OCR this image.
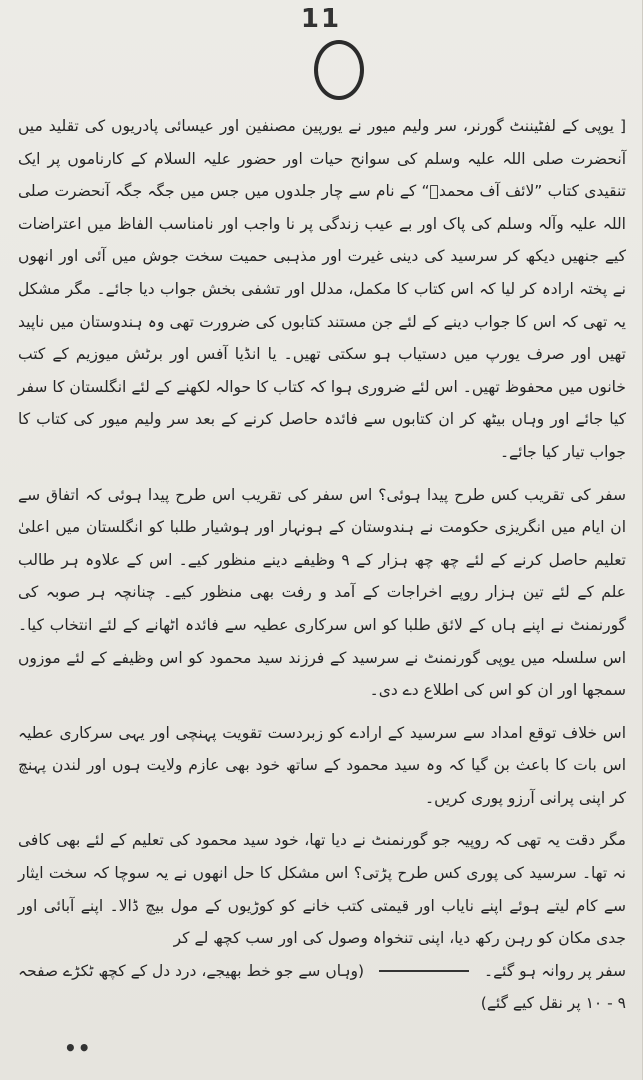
11

[ یوپی کے لفٹیننٹ گورنر، سر ولیم میور نے یورپین مصنفین اور عیسائی پادریوں کی تقلید میں آنحضرت صلی اللہ علیہ وسلم کی سوانح حیات اور حضور علیہ السلام کے کارناموں پر ایک تنقیدی کتاب ”لائف آف محمدؐ“ کے نام سے چار جلدوں میں جس میں جگہ جگہ آنحضرت صلی اللہ علیہ وآلہ وسلم کی پاک اور بے عیب زندگی پر نا واجب اور نامناسب الفاظ میں اعتراضات کیے جنھیں دیکھ کر سرسید کی دینی غیرت اور مذہبی حمیت سخت جوش میں آئی اور انھوں نے پختہ ارادہ کر لیا کہ اس کتاب کا مکمل، مدلل اور تشفی بخش جواب دیا جائے۔ مگر مشکل یہ تھی کہ اس کا جواب دینے کے لئے جن مستند کتابوں کی ضرورت تھی وہ ہندوستان میں ناپید تھیں اور صرف یورپ میں دستیاب ہو سکتی تھیں۔ یا انڈیا آفس اور برٹش میوزیم کے کتب خانوں میں محفوظ تھیں۔ اس لئے ضروری ہوا کہ کتاب کا حوالہ لکھنے کے لئے انگلستان کا سفر کیا جائے اور وہاں بیٹھ کر ان کتابوں سے فائدہ حاصل کرنے کے بعد سر ولیم میور کی کتاب کا جواب تیار کیا جائے۔

سفر کی تقریب کس طرح پیدا ہوئی؟ اس سفر کی تقریب اس طرح پیدا ہوئی کہ اتفاق سے ان ایام میں انگریزی حکومت نے ہندوستان کے ہونہار اور ہوشیار طلبا کو انگلستان میں اعلیٰ تعلیم حاصل کرنے کے لئے چھ چھ ہزار کے ۹ وظیفے دینے منظور کیے۔ اس کے علاوہ ہر طالب علم کے لئے تین ہزار روپے اخراجات کے آمد و رفت بھی منظور کیے۔ چنانچہ ہر صوبہ کی گورنمنٹ نے اپنے ہاں کے لائق طلبا کو اس سرکاری عطیہ سے فائدہ اٹھانے کے لئے انتخاب کیا۔ اس سلسلہ میں یوپی گورنمنٹ نے سرسید کے فرزند سید محمود کو اس وظیفے کے لئے موزوں سمجھا اور ان کو اس کی اطلاع دے دی۔

اس خلاف توقع امداد سے سرسید کے ارادے کو زبردست تقویت پہنچی اور یہی سرکاری عطیہ اس بات کا باعث بن گیا کہ وہ سید محمود کے ساتھ خود بھی عازم ولایت ہوں اور لندن پہنچ کر اپنی پرانی آرزو پوری کریں۔

مگر دقت یہ تھی کہ روپیہ جو گورنمنٹ نے دیا تھا، خود سید محمود کی تعلیم کے لئے بھی کافی نہ تھا۔ سرسید کی پوری کس طرح پڑتی؟ اس مشکل کا حل انھوں نے یہ سوچا کہ سخت ایثار سے کام لیتے ہوئے اپنے نایاب اور قیمتی کتب خانے کو کوڑیوں کے مول بیچ ڈالا۔ اپنے آبائی اور جدی مکان کو رہن رکھ دیا، اپنی تنخواہ وصول کی اور سب کچھ لے کر

سفر پر روانہ ہو گئے۔  (وہاں سے جو خط بھیجے، درد دل کے کچھ ٹکڑے صفحہ ۹ - ۱۰ پر نقل کیے گئے)

••
